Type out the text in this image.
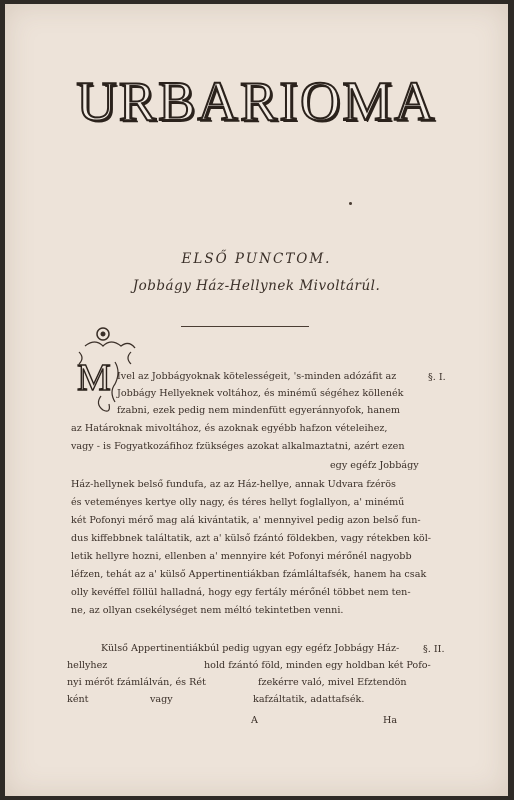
URBARIOMA
ELSŐ PUNCTOM.
Jobbágy Ház-Hellynek Mivoltárúl.
M Ivel az Jobbágyoknak kötelességeit, 's-minden adózáfit az	§. I.
Jobbágy Hellyeknek voltához, és minémű ségéhez köllenék
fzabni, ezek pedig nem mindenfütt egyeránnyofok, hanem
az Határoknak mivoltához, és azoknak egyébb hafzon vételeihez,
vagy - is Fogyatkozáfihoz fzükséges azokat alkalmaztatni, azért ezen
egy egéfz Jobbágy
Ház-hellynek belső fundufa, az az Ház-hellye, annak Udvara fzérös
és veteményes kertye olly nagy, és téres hellyt foglallyon, a' minémű
két Pofonyi mérő mag alá kivántatik, a' mennyivel pedig azon belső fun-
dus kiffebbnek találtatik, azt a' külső fzántó földekben, vagy rétekben köl-
letik hellyre hozni, ellenben a' mennyire két Pofonyi mérőnél nagyobb
léfzen, tehát az a' külső Appertinentiákban fzámláltafsék, hanem ha csak
olly kevéffel föllül halladná, hogy egy fertály mérőnél többet nem ten-
ne, az ollyan csekélységet nem méltó tekintetben venni.
Külső Appertinentiákbúl pedig ugyan egy egéfz Jobbágy Ház- §. II.
hellyhez	hold fzántó föld, minden egy holdban két Pofo-
nyi mérőt fzámlálván, és Rét	fzekérre való, mivel Efztendön
ként	vagy	kafzáltatik, adattafsék.
A	Ha
